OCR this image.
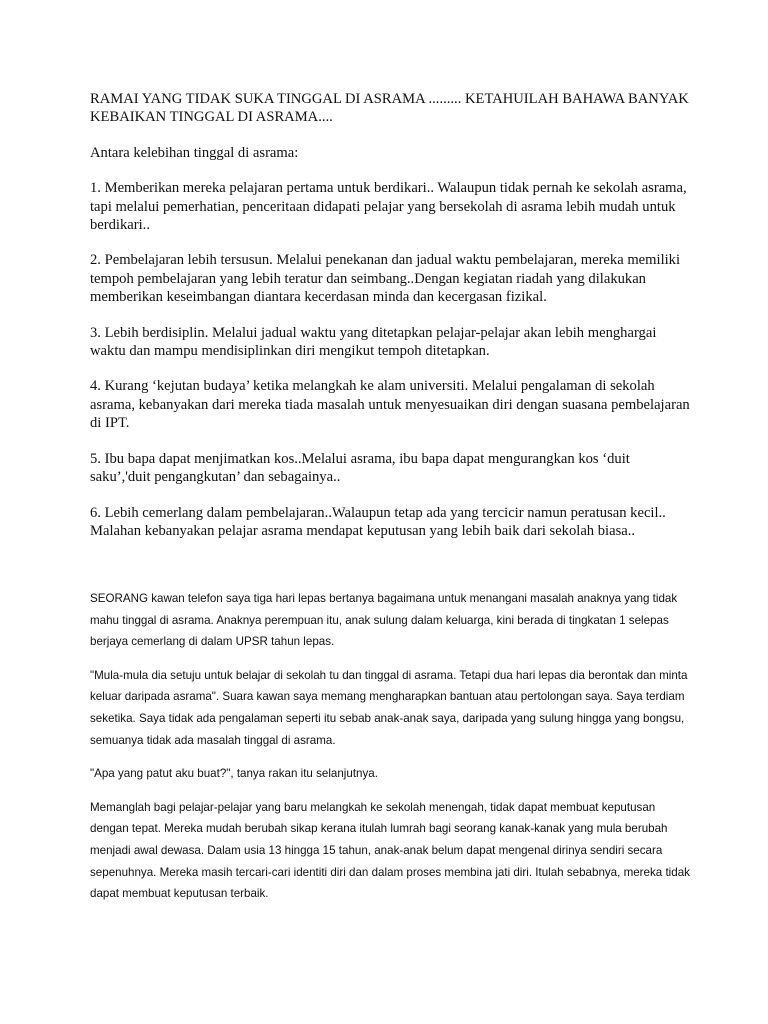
RAMAI YANG TIDAK SUKA TINGGAL DI ASRAMA ......... KETAHUILAH BAHAWA BANYAK KEBAIKAN TINGGAL DI ASRAMA....

Antara kelebihan tinggal di asrama:

1. Memberikan mereka pelajaran pertama untuk berdikari.. Walaupun tidak pernah ke sekolah asrama, tapi melalui pemerhatian, penceritaan didapati pelajar yang bersekolah di asrama lebih mudah untuk berdikari..

2. Pembelajaran lebih tersusun. Melalui penekanan dan jadual waktu pembelajaran, mereka memiliki tempoh pembelajaran yang lebih teratur dan seimbang..Dengan kegiatan riadah yang dilakukan memberikan keseimbangan diantara kecerdasan minda dan kecergasan fizikal.

3. Lebih berdisiplin. Melalui jadual waktu yang ditetapkan pelajar-pelajar akan lebih menghargai waktu dan mampu mendisiplinkan diri mengikut tempoh ditetapkan.

4. Kurang ‘kejutan budaya’ ketika melangkah ke alam universiti. Melalui pengalaman di sekolah asrama, kebanyakan dari mereka tiada masalah untuk menyesuaikan diri dengan suasana pembelajaran di IPT.

5. Ibu bapa dapat menjimatkan kos..Melalui asrama, ibu bapa dapat mengurangkan kos ‘duit saku’,'duit pengangkutan’ dan sebagainya..

6. Lebih cemerlang dalam pembelajaran..Walaupun tetap ada yang tercicir namun peratusan kecil.. Malahan kebanyakan pelajar asrama mendapat keputusan yang lebih baik dari sekolah biasa..

SEORANG kawan telefon saya tiga hari lepas bertanya bagaimana untuk menangani masalah anaknya yang tidak mahu tinggal di asrama. Anaknya perempuan itu, anak sulung dalam keluarga, kini berada di tingkatan 1 selepas berjaya cemerlang di dalam UPSR tahun lepas.

"Mula-mula dia setuju untuk belajar di sekolah tu dan tinggal di asrama. Tetapi dua hari lepas dia berontak dan minta keluar daripada asrama". Suara kawan saya memang mengharapkan bantuan atau pertolongan saya. Saya terdiam seketika. Saya tidak ada pengalaman seperti itu sebab anak-anak saya, daripada yang sulung hingga yang bongsu, semuanya tidak ada masalah tinggal di asrama.

"Apa yang patut aku buat?", tanya rakan itu selanjutnya.

Memanglah bagi pelajar-pelajar yang baru melangkah ke sekolah menengah, tidak dapat membuat keputusan dengan tepat. Mereka mudah berubah sikap kerana itulah lumrah bagi seorang kanak-kanak yang mula berubah menjadi awal dewasa. Dalam usia 13 hingga 15 tahun, anak-anak belum dapat mengenal dirinya sendiri secara sepenuhnya. Mereka masih tercari-cari identiti diri dan dalam proses membina jati diri. Itulah sebabnya, mereka tidak dapat membuat keputusan terbaik.
